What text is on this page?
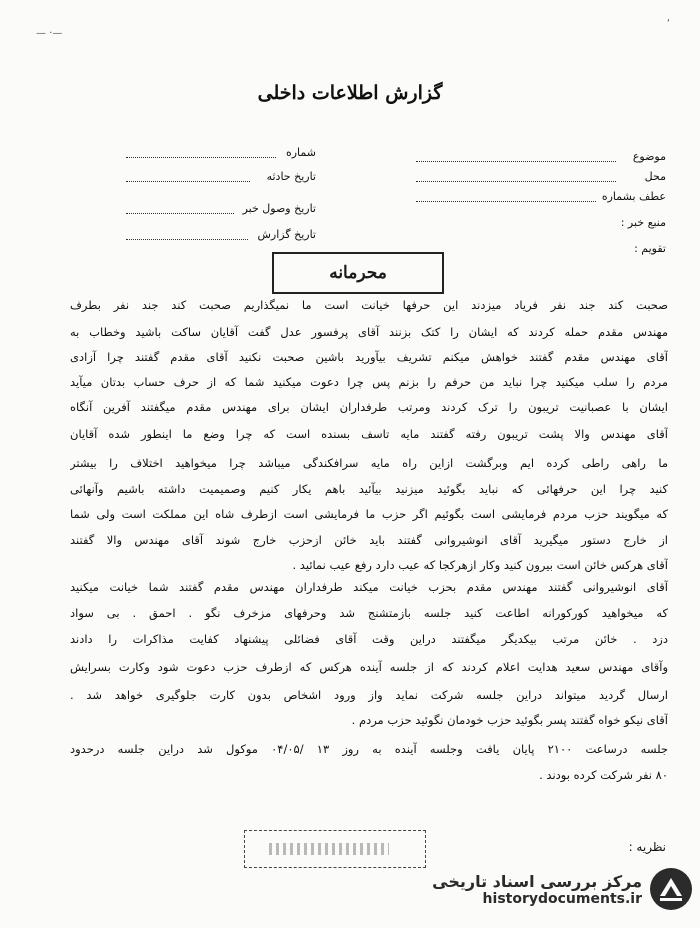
— ·—
‘
گزارش اطلاعات داخلی
موضوع
محل
عطف بشماره
منبع خبر :
تقویم :
شماره
تاریخ حادثه
تاریخ وصول خبر
تاریخ گزارش
محرمانه
صحبت کند جند نفر فریاد میزدند این حرفها خیانت است ما نمیگذاریم صحبت کند جند نفر بطرف
مهندس مقدم حمله کردند که ایشان را کتک بزنند آقای پرفسور عدل گفت آقایان ساکت باشید وخطاب به
آقای مهندس مقدم گفتند خواهش میکنم تشریف بیآورید باشین صحبت نکنید آقای مقدم گفتند چرا آزادی
مردم را سلب میکنید چرا نباید من حرفم را بزنم پس چرا دعوت میکنید شما که از حرف حساب بدتان میآید
ایشان با عصبانیت تریبون را ترک کردند ومرتب طرفداران ایشان برای مهندس مقدم میگفتند آفرین آنگاه
آقای مهندس والا پشت تریبون رفته گفتند مایه تاسف بسنده است که چرا وضع ما اینطور شده آقایان
ما راهی راطی کرده ایم وبرگشت ازاین راه مایه سرافکندگی میباشد چرا میخواهید اختلاف را بیشتر
کنید چرا این حرفهائی که نباید بگوئید میزنید بیآئید باهم یکار کنیم وصمیمیت داشته باشیم وآنهائی
که میگویند حزب مردم فرمایشی است بگوئیم اگر حزب ما فرمایشی است ازطرف شاه این مملکت است ولی شما
از خارج دستور میگیرید آقای انوشیروانی گفتند باید خائن ازحزب خارج شوند آقای مهندس والا گفتند
آقای هرکس خائن است بیرون کنید وکار ازهرکجا که عیب دارد رفع عیب نمائید .
آقای انوشیروانی گفتند مهندس مقدم بحزب خیانت میکند طرفداران مهندس مقدم گفتند شما خیانت میکنید
که میخواهید کورکورانه اطاعت کنید جلسه بازمتشنج شد وحرفهای مزخرف نگو . احمق . بی سواد
دزد . خائن مرتب بیکدیگر میگفتند دراین وقت آقای فضائلی پیشنهاد کفایت مذاکرات را دادند
وآقای مهندس سعید هدایت اعلام کردند که از جلسه آینده هرکس که ازطرف حزب دعوت شود وکارت بسرایش
ارسال گردید میتواند دراین جلسه شرکت نماید واز ورود اشخاص بدون کارت جلوگیری خواهد شد .
آقای نیکو خواه گفتند پسر بگوئید حزب خودمان نگوئید حزب مردم .
جلسه درساعت ۲۱۰۰ پایان یافت وجلسه آینده به روز ۱۳ /۰۴/۰۵ موکول شد دراین جلسه درحدود
۸۰ نفر شرکت کرده بودند .
نظریه :
مرکز بررسی اسناد تاریخی
historydocuments.ir
